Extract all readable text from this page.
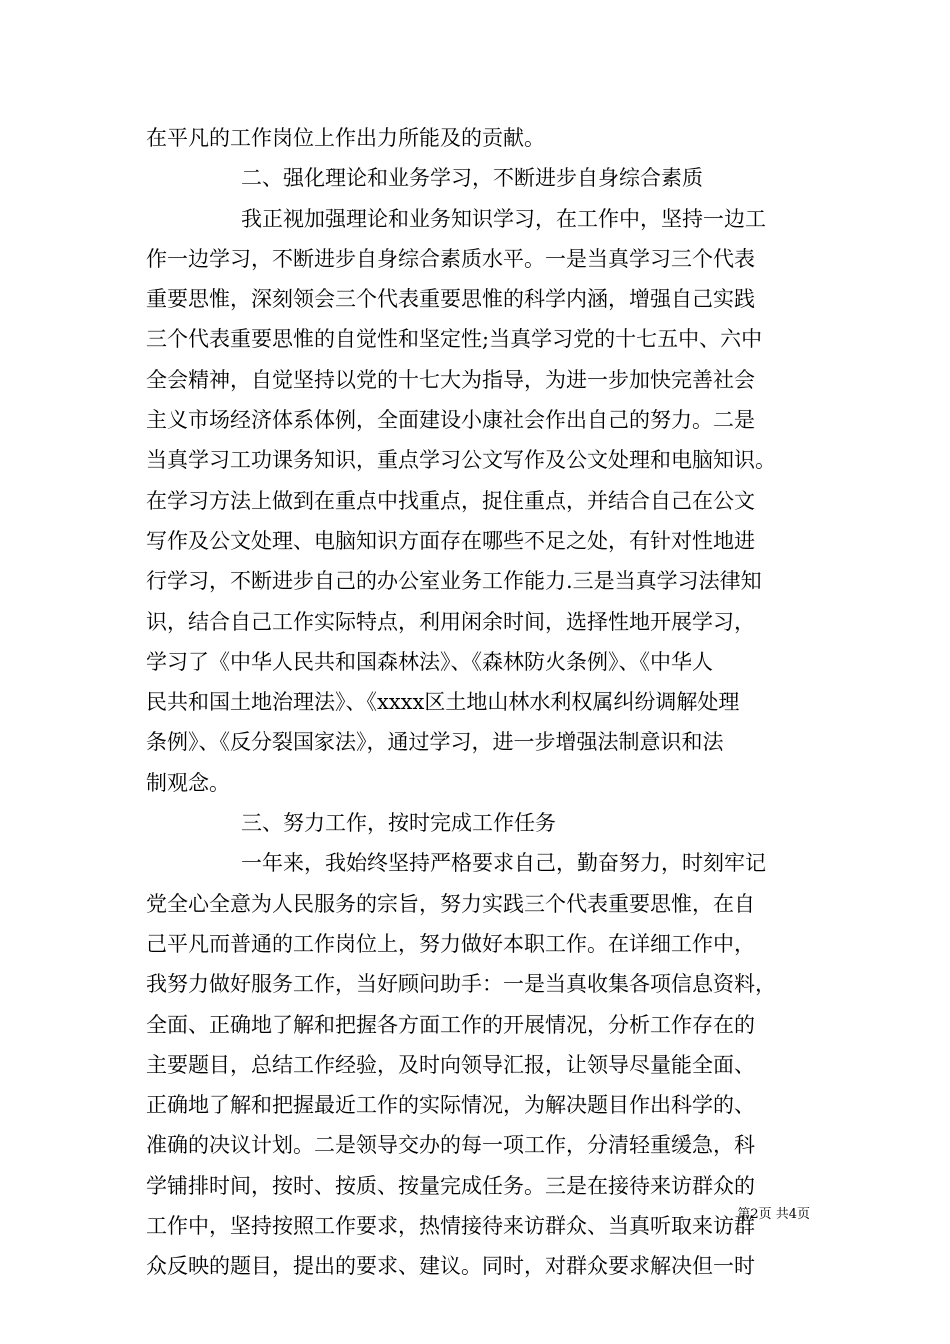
在平凡的工作岗位上作出力所能及的贡献。
二、强化理论和业务学习，不断进步自身综合素质
我正视加强理论和业务知识学习，在工作中，坚持一边工
作一边学习，不断进步自身综合素质水平。一是当真学习三个代表
重要思惟，深刻领会三个代表重要思惟的科学内涵，增强自己实践
三个代表重要思惟的自觉性和坚定性;当真学习党的十七五中、六中
全会精神，自觉坚持以党的十七大为指导，为进一步加快完善社会
主义市场经济体系体例，全面建设小康社会作出自己的努力。二是
当真学习工功课务知识，重点学习公文写作及公文处理和电脑知识。
在学习方法上做到在重点中找重点，捉住重点，并结合自己在公文
写作及公文处理、电脑知识方面存在哪些不足之处，有针对性地进
行学习，不断进步自己的办公室业务工作能力.三是当真学习法律知
识，结合自己工作实际特点，利用闲余时间，选择性地开展学习，
学习了《中华人民共和国森林法》、《森林防火条例》、《中华人
民共和国土地治理法》、《xxxx区土地山林水利权属纠纷调解处理
条例》、《反分裂国家法》，通过学习，进一步增强法制意识和法
制观念。
三、努力工作，按时完成工作任务
一年来，我始终坚持严格要求自己，勤奋努力，时刻牢记
党全心全意为人民服务的宗旨，努力实践三个代表重要思惟，在自
己平凡而普通的工作岗位上，努力做好本职工作。在详细工作中，
我努力做好服务工作，当好顾问助手：一是当真收集各项信息资料，
全面、正确地了解和把握各方面工作的开展情况，分析工作存在的
主要题目，总结工作经验，及时向领导汇报，让领导尽量能全面、
正确地了解和把握最近工作的实际情况，为解决题目作出科学的、
准确的决议计划。二是领导交办的每一项工作，分清轻重缓急，科
学铺排时间，按时、按质、按量完成任务。三是在接待来访群众的
工作中，坚持按照工作要求，热情接待来访群众、当真听取来访群
众反映的题目，提出的要求、建议。同时，对群众要求解决但一时
第2页 共4页
